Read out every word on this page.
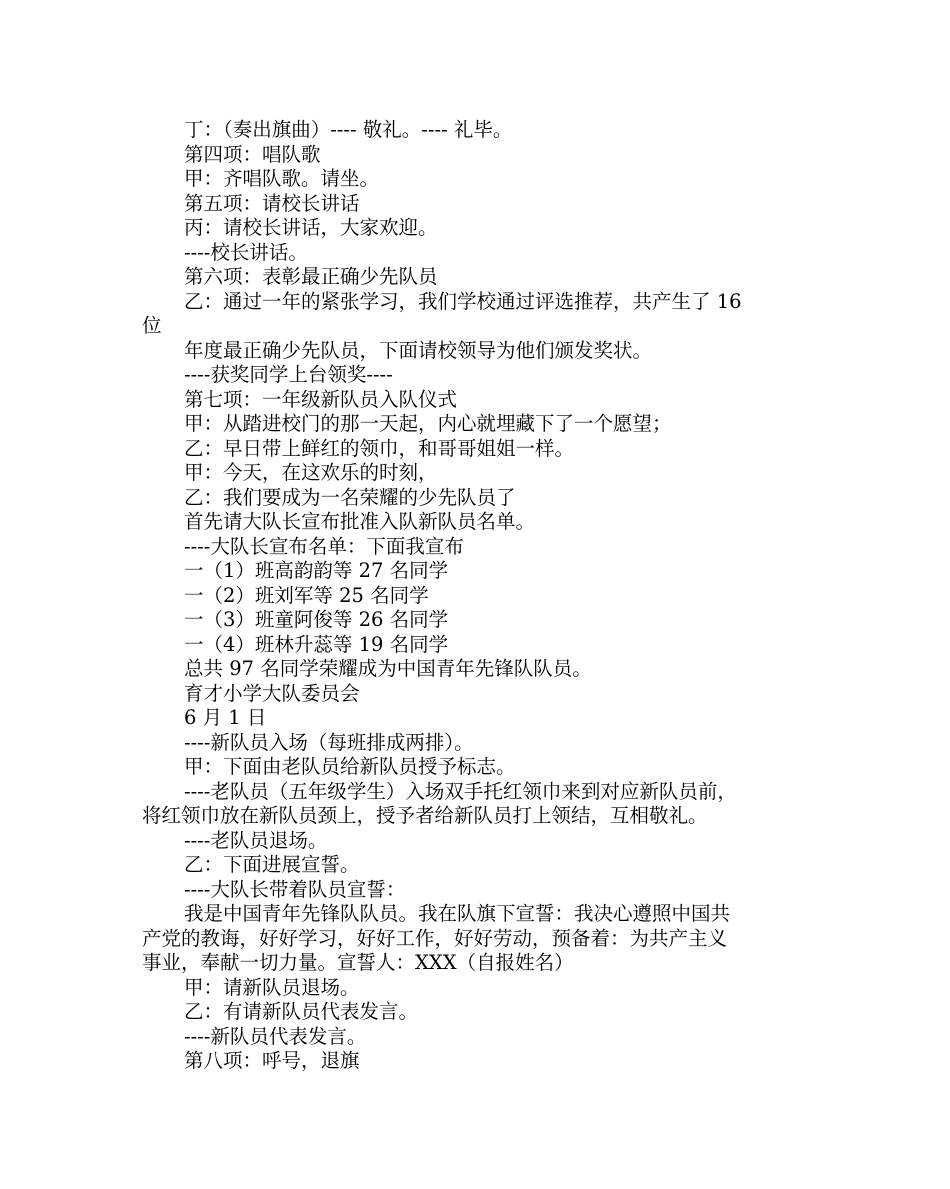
丁：（奏出旗曲）---- 敬礼。---- 礼毕。
第四项：唱队歌
甲：齐唱队歌。请坐。
第五项：请校长讲话
丙：请校长讲话，大家欢迎。
----校长讲话。
第六项：表彰最正确少先队员
乙：通过一年的紧张学习，我们学校通过评选推荐，共产生了 16
位
年度最正确少先队员，下面请校领导为他们颁发奖状。
----获奖同学上台领奖----
第七项：一年级新队员入队仪式
甲：从踏进校门的那一天起，内心就埋藏下了一个愿望；
乙：早日带上鲜红的领巾，和哥哥姐姐一样。
甲：今天，在这欢乐的时刻，
乙：我们要成为一名荣耀的少先队员了
首先请大队长宣布批准入队新队员名单。
----大队长宣布名单：下面我宣布
一（1）班高韵韵等 27 名同学
一（2）班刘军等 25 名同学
一（3）班童阿俊等 26 名同学
一（4）班林升蕊等 19 名同学
总共 97 名同学荣耀成为中国青年先锋队队员。
育才小学大队委员会
6 月 1 日
----新队员入场（每班排成两排）。
甲：下面由老队员给新队员授予标志。
----老队员（五年级学生）入场双手托红领巾来到对应新队员前，
将红领巾放在新队员颈上，授予者给新队员打上领结，互相敬礼。
----老队员退场。
乙：下面进展宣誓。
----大队长带着队员宣誓：
我是中国青年先锋队队员。我在队旗下宣誓：我决心遵照中国共
产党的教诲，好好学习，好好工作，好好劳动，预备着：为共产主义
事业，奉献一切力量。宣誓人：XXX（自报姓名）
甲：请新队员退场。
乙：有请新队员代表发言。
----新队员代表发言。
第八项：呼号，退旗
